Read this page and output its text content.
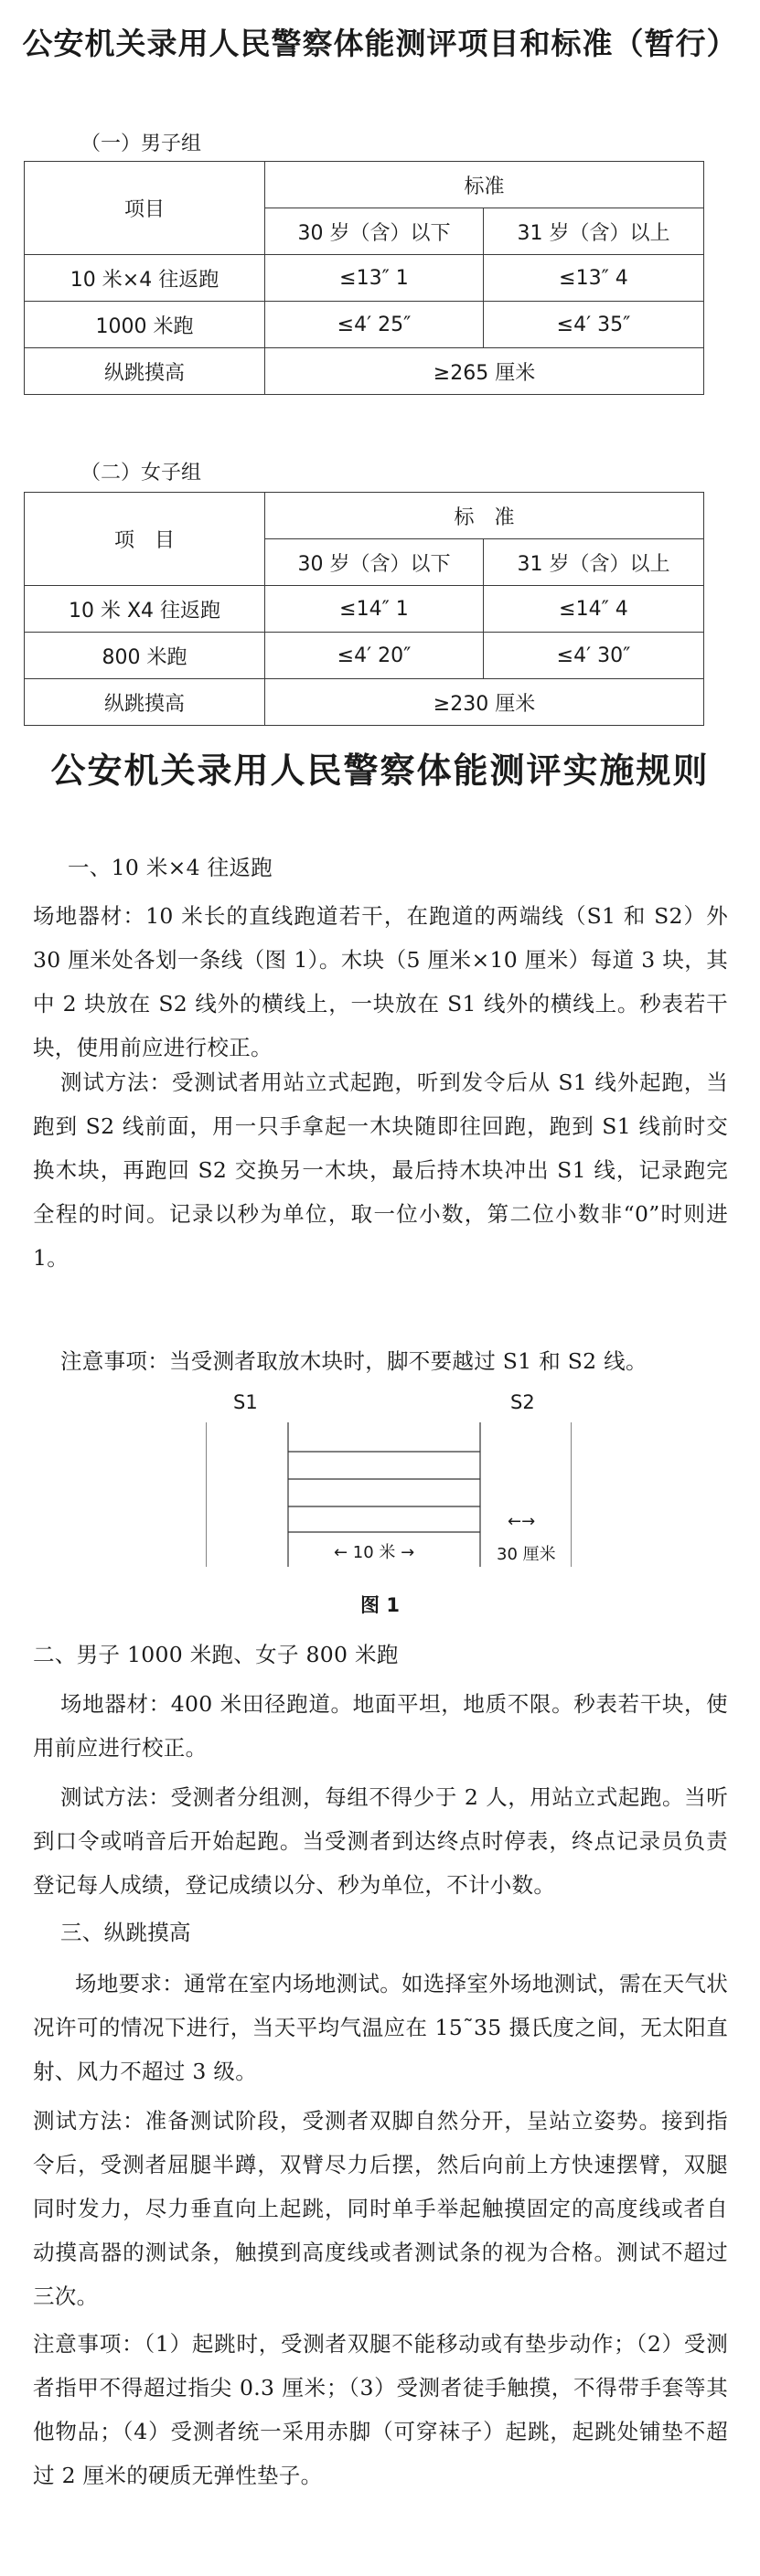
公安机关录用人民警察体能测评项目和标准（暂行）
（一）男子组
项目	标准	
	30 岁（含）以下	31 岁（含）以上
10 米×4 往返跑	≤13″ 1	≤13″ 4
1000 米跑	≤4′ 25″	≤4′ 35″
纵跳摸高	≥265 厘米	
（二）女子组
项　目	标　准	
	30 岁（含）以下	31 岁（含）以上
10 米 X4 往返跑	≤14″ 1	≤14″ 4
800 米跑	≤4′ 20″	≤4′ 30″
纵跳摸高	≥230 厘米	
公安机关录用人民警察体能测评实施规则
一、10 米×4 往返跑
场地器材：10 米长的直线跑道若干，在跑道的两端线（S1 和 S2）外 30 厘米处各划一条线（图 1）。木块（5 厘米×10 厘米）每道 3 块，其中 2 块放在 S2 线外的横线上，一块放在 S1 线外的横线上。秒表若干块，使用前应进行校正。
测试方法：受测试者用站立式起跑，听到发令后从 S1 线外起跑，当跑到 S2 线前面，用一只手拿起一木块随即往回跑，跑到 S1 线前时交换木块，再跑回 S2 交换另一木块，最后持木块冲出 S1 线，记录跑完全程的时间。记录以秒为单位，取一位小数，第二位小数非“0”时则进 1。
注意事项：当受测者取放木块时，脚不要越过 S1 和 S2 线。
S1	S2
← 10 米 →
←→
30 厘米
图 1
二、男子 1000 米跑、女子 800 米跑
场地器材：400 米田径跑道。地面平坦，地质不限。秒表若干块，使用前应进行校正。
测试方法：受测者分组测，每组不得少于 2 人，用站立式起跑。当听到口令或哨音后开始起跑。当受测者到达终点时停表，终点记录员负责登记每人成绩，登记成绩以分、秒为单位，不计小数。
三、纵跳摸高
场地要求：通常在室内场地测试。如选择室外场地测试，需在天气状况许可的情况下进行，当天平均气温应在 15˜35 摄氏度之间，无太阳直射、风力不超过 3 级。
测试方法：准备测试阶段，受测者双脚自然分开，呈站立姿势。接到指令后，受测者屈腿半蹲，双臂尽力后摆，然后向前上方快速摆臂，双腿同时发力，尽力垂直向上起跳，同时单手举起触摸固定的高度线或者自动摸高器的测试条，触摸到高度线或者测试条的视为合格。测试不超过三次。
注意事项：（1）起跳时，受测者双腿不能移动或有垫步动作；（2）受测者指甲不得超过指尖 0.3 厘米；（3）受测者徒手触摸，不得带手套等其他物品；（4）受测者统一采用赤脚（可穿袜子）起跳，起跳处铺垫不超过 2 厘米的硬质无弹性垫子。
